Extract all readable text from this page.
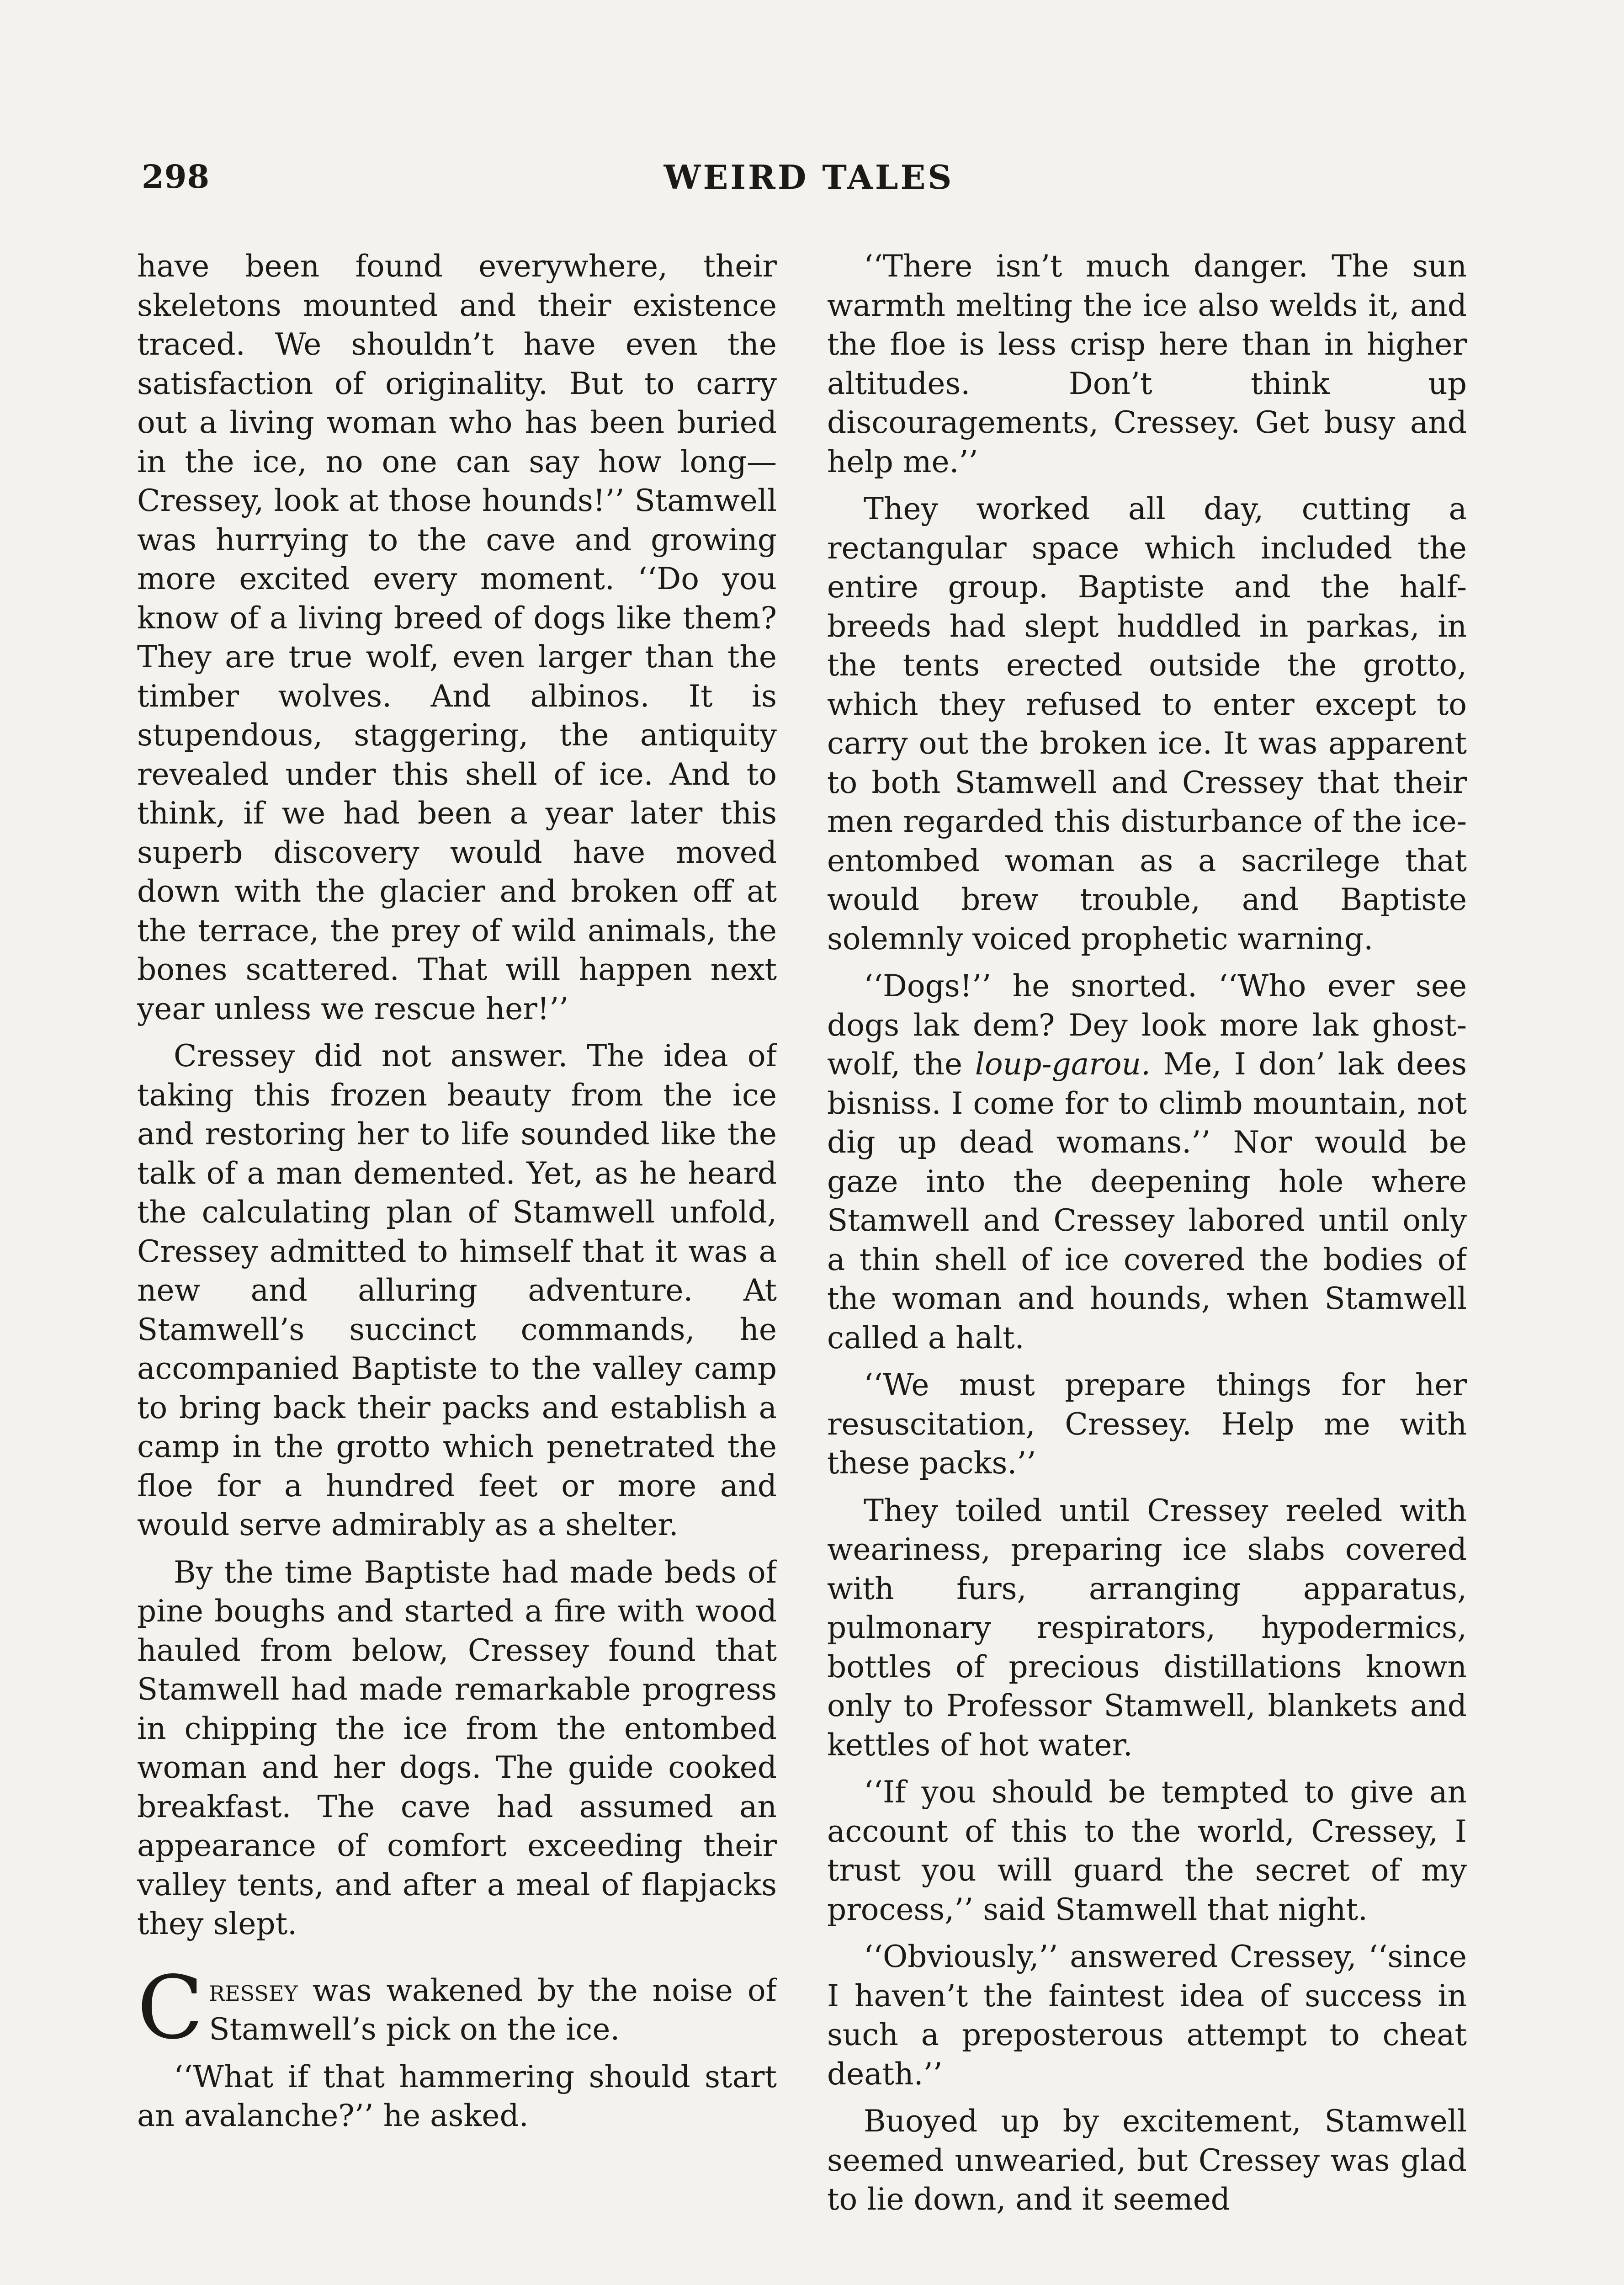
298	WEIRD TALES

have been found everywhere, their skeletons mounted and their existence traced. We shouldn’t have even the satisfaction of originality. But to carry out a living woman who has been buried in the ice, no one can say how long—Cressey, look at those hounds!’’ Stamwell was hurrying to the cave and growing more excited every moment. ‘‘Do you know of a living breed of dogs like them? They are true wolf, even larger than the timber wolves. And albinos. It is stupendous, staggering, the antiquity revealed under this shell of ice. And to think, if we had been a year later this superb discovery would have moved down with the glacier and broken off at the terrace, the prey of wild animals, the bones scattered. That will happen next year unless we rescue her!’’

Cressey did not answer. The idea of taking this frozen beauty from the ice and restoring her to life sounded like the talk of a man demented. Yet, as he heard the calculating plan of Stamwell unfold, Cressey admitted to himself that it was a new and alluring adventure. At Stamwell’s succinct commands, he accompanied Baptiste to the valley camp to bring back their packs and establish a camp in the grotto which penetrated the floe for a hundred feet or more and would serve admirably as a shelter.

By the time Baptiste had made beds of pine boughs and started a fire with wood hauled from below, Cressey found that Stamwell had made remarkable progress in chipping the ice from the entombed woman and her dogs. The guide cooked breakfast. The cave had assumed an appearance of comfort exceeding their valley tents, and after a meal of flapjacks they slept.

Cressey was wakened by the noise of Stamwell’s pick on the ice.

‘‘What if that hammering should start an avalanche?’’ he asked.

‘‘There isn’t much danger. The sun warmth melting the ice also welds it, and the floe is less crisp here than in higher altitudes. Don’t think up discouragements, Cressey. Get busy and help me.’’

They worked all day, cutting a rectangular space which included the entire group. Baptiste and the half-breeds had slept huddled in parkas, in the tents erected outside the grotto, which they refused to enter except to carry out the broken ice. It was apparent to both Stamwell and Cressey that their men regarded this disturbance of the ice-entombed woman as a sacrilege that would brew trouble, and Baptiste solemnly voiced prophetic warning.

‘‘Dogs!’’ he snorted. ‘‘Who ever see dogs lak dem? Dey look more lak ghost-wolf, the loup-garou. Me, I don’ lak dees bisniss. I come for to climb mountain, not dig up dead womans.’’ Nor would be gaze into the deepening hole where Stamwell and Cressey labored until only a thin shell of ice covered the bodies of the woman and hounds, when Stamwell called a halt.

‘‘We must prepare things for her resuscitation, Cressey. Help me with these packs.’’

They toiled until Cressey reeled with weariness, preparing ice slabs covered with furs, arranging apparatus, pulmonary respirators, hypodermics, bottles of precious distillations known only to Professor Stamwell, blankets and kettles of hot water.

‘‘If you should be tempted to give an account of this to the world, Cressey, I trust you will guard the secret of my process,’’ said Stamwell that night.

‘‘Obviously,’’ answered Cressey, ‘‘since I haven’t the faintest idea of success in such a preposterous attempt to cheat death.’’

Buoyed up by excitement, Stamwell seemed unwearied, but Cressey was glad to lie down, and it seemed
